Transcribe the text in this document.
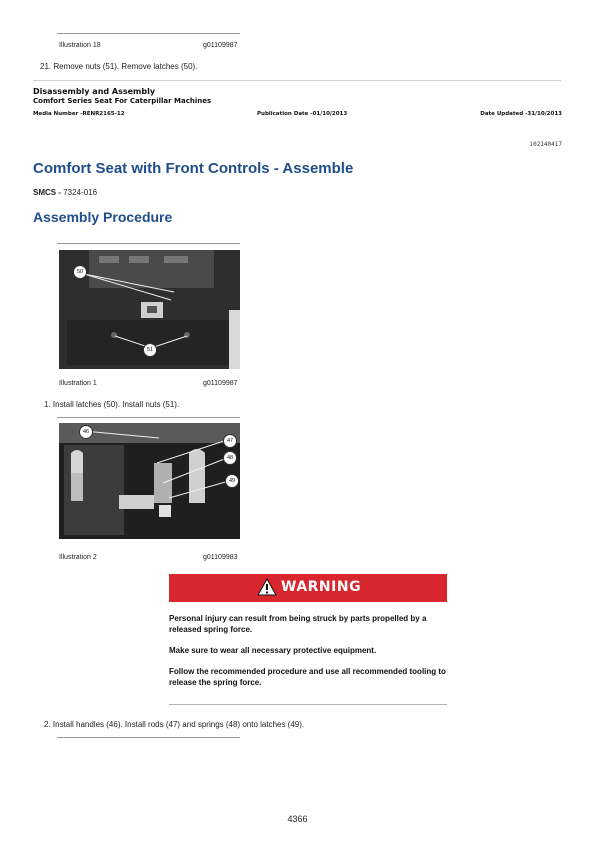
Illustration 18	g01109987
21. Remove nuts (51). Remove latches (50).
Disassembly and Assembly
Comfort Series Seat For Caterpillar Machines
Media Number -RENR2165-12	Publication Date -01/10/2013	Date Updated -31/10/2013
i02140417
Comfort Seat with Front Controls - Assemble
SMCS - 7324-016
Assembly Procedure
50
51
Illustration 1	g01109987
1. Install latches (50). Install nuts (51).
46
47
48
49
Illustration 2	g01109983
WARNING
Personal injury can result from being struck by parts propelled by a released spring force.
Make sure to wear all necessary protective equipment.
Follow the recommended procedure and use all recommended tooling to release the spring force.
2. Install handles (46). Install rods (47) and springs (48) onto latches (49).
4366
